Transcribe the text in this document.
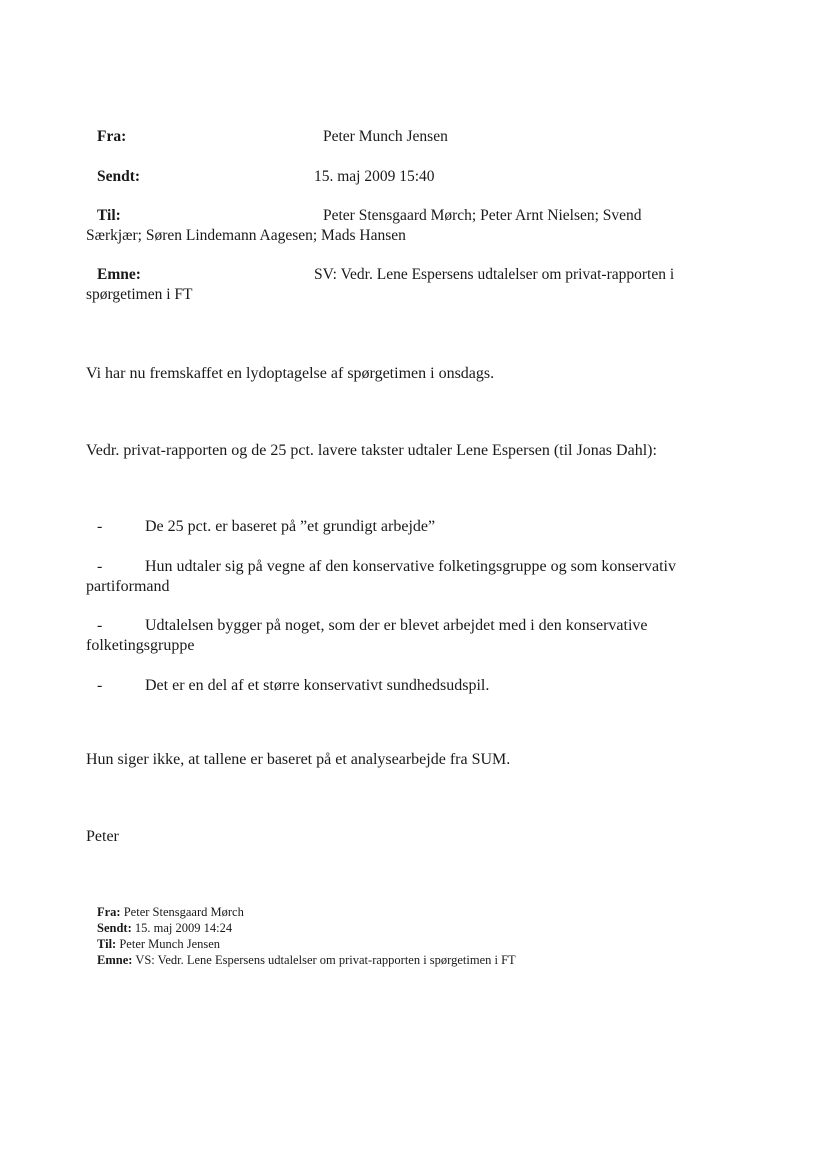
Fra:	Peter Munch Jensen
Sendt:	15. maj 2009 15:40
Til:	Peter Stensgaard Mørch; Peter Arnt Nielsen; Svend
Særkjær; Søren Lindemann Aagesen; Mads Hansen
Emne:	SV: Vedr. Lene Espersens udtalelser om privat-rapporten i
spørgetimen i FT
Vi har nu fremskaffet en lydoptagelse af spørgetimen i onsdags.
Vedr. privat-rapporten og de 25 pct. lavere takster udtaler Lene Espersen (til Jonas Dahl):
-	De 25 pct. er baseret på ”et grundigt arbejde”
-	Hun udtaler sig på vegne af den konservative folketingsgruppe og som konservativ
partiformand
-	Udtalelsen bygger på noget, som der er blevet arbejdet med i den konservative
folketingsgruppe
-	Det er en del af et større konservativt sundhedsudspil.
Hun siger ikke, at tallene er baseret på et analysearbejde fra SUM.
Peter
Fra: Peter Stensgaard Mørch
Sendt: 15. maj 2009 14:24
Til: Peter Munch Jensen
Emne: VS: Vedr. Lene Espersens udtalelser om privat-rapporten i spørgetimen i FT
